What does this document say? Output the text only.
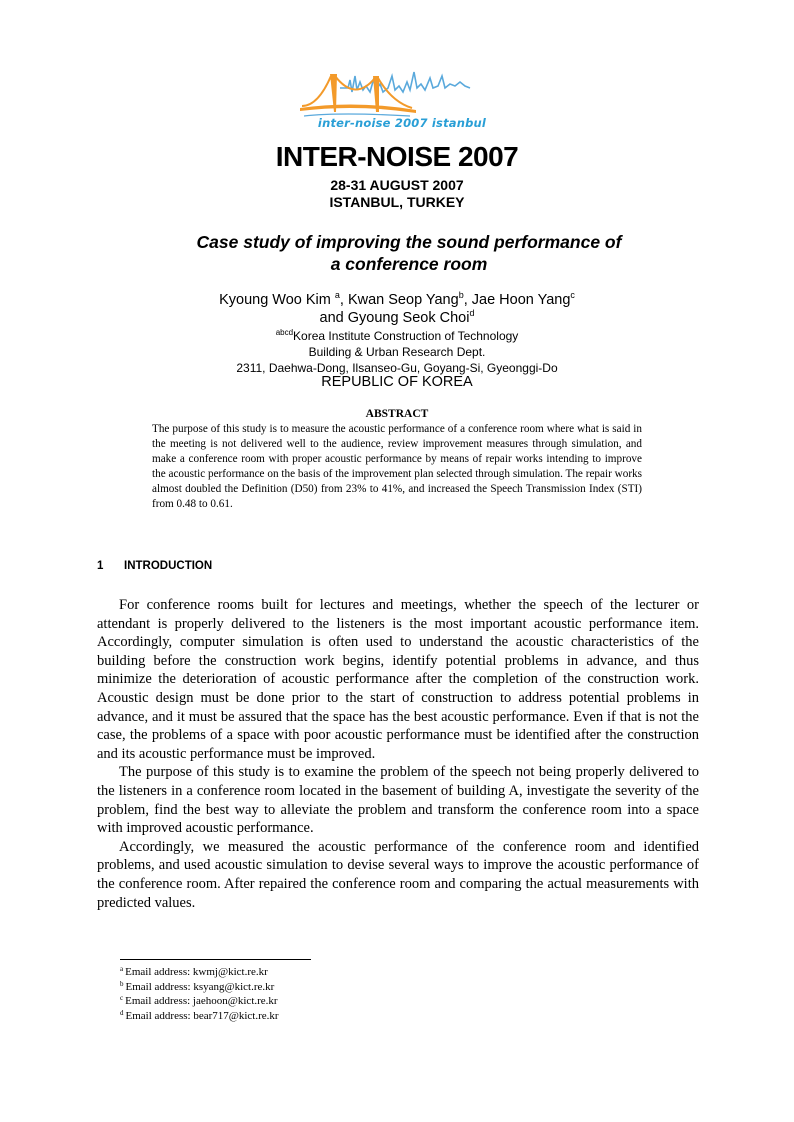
inter-noise 2007 istanbul
INTER-NOISE 2007
28-31 AUGUST 2007
ISTANBUL, TURKEY
Case study of improving the sound performance of
a conference room
Kyoung Woo Kim $^a$, Kwan Seop Yang$^b$, Jae Hoon Yang$^c$
and Gyoung Seok Choi$^d$
$^{abcd}$Korea Institute Construction of Technology
Building & Urban Research Dept.
2311, Daehwa-Dong, Ilsanseo-Gu, Goyang-Si, Gyeonggi-Do
REPUBLIC OF KOREA
ABSTRACT

The purpose of this study is to measure the acoustic performance of a conference room where what is said in the meeting is not delivered well to the audience, review improvement measures through simulation, and make a conference room with proper acoustic performance by means of repair works intending to improve the acoustic performance on the basis of the improvement plan selected through simulation. The repair works almost doubled the Definition (D50) from 23% to 41%, and increased the Speech Transmission Index (STI) from 0.48 to 0.61.

1 INTRODUCTION

For conference rooms built for lectures and meetings, whether the speech of the lecturer or attendant is properly delivered to the listeners is the most important acoustic performance item. Accordingly, computer simulation is often used to understand the acoustic characteristics of the building before the construction work begins, identify potential problems in advance, and thus minimize the deterioration of acoustic performance after the completion of the construction work. Acoustic design must be done prior to the start of construction to address potential problems in advance, and it must be assured that the space has the best acoustic performance. Even if that is not the case, the problems of a space with poor acoustic performance must be identified after the construction and its acoustic performance must be improved.

The purpose of this study is to examine the problem of the speech not being properly delivered to the listeners in a conference room located in the basement of building A, investigate the severity of the problem, find the best way to alleviate the problem and transform the conference room into a space with improved acoustic performance.

Accordingly, we measured the acoustic performance of the conference room and identified problems, and used acoustic simulation to devise several ways to improve the acoustic performance of the conference room. After repaired the conference room and comparing the actual measurements with predicted values.

$^a$ Email address: kwmj@kict.re.kr
$^b$ Email address: ksyang@kict.re.kr
$^c$ Email address: jaehoon@kict.re.kr
$^d$ Email address: bear717@kict.re.kr
